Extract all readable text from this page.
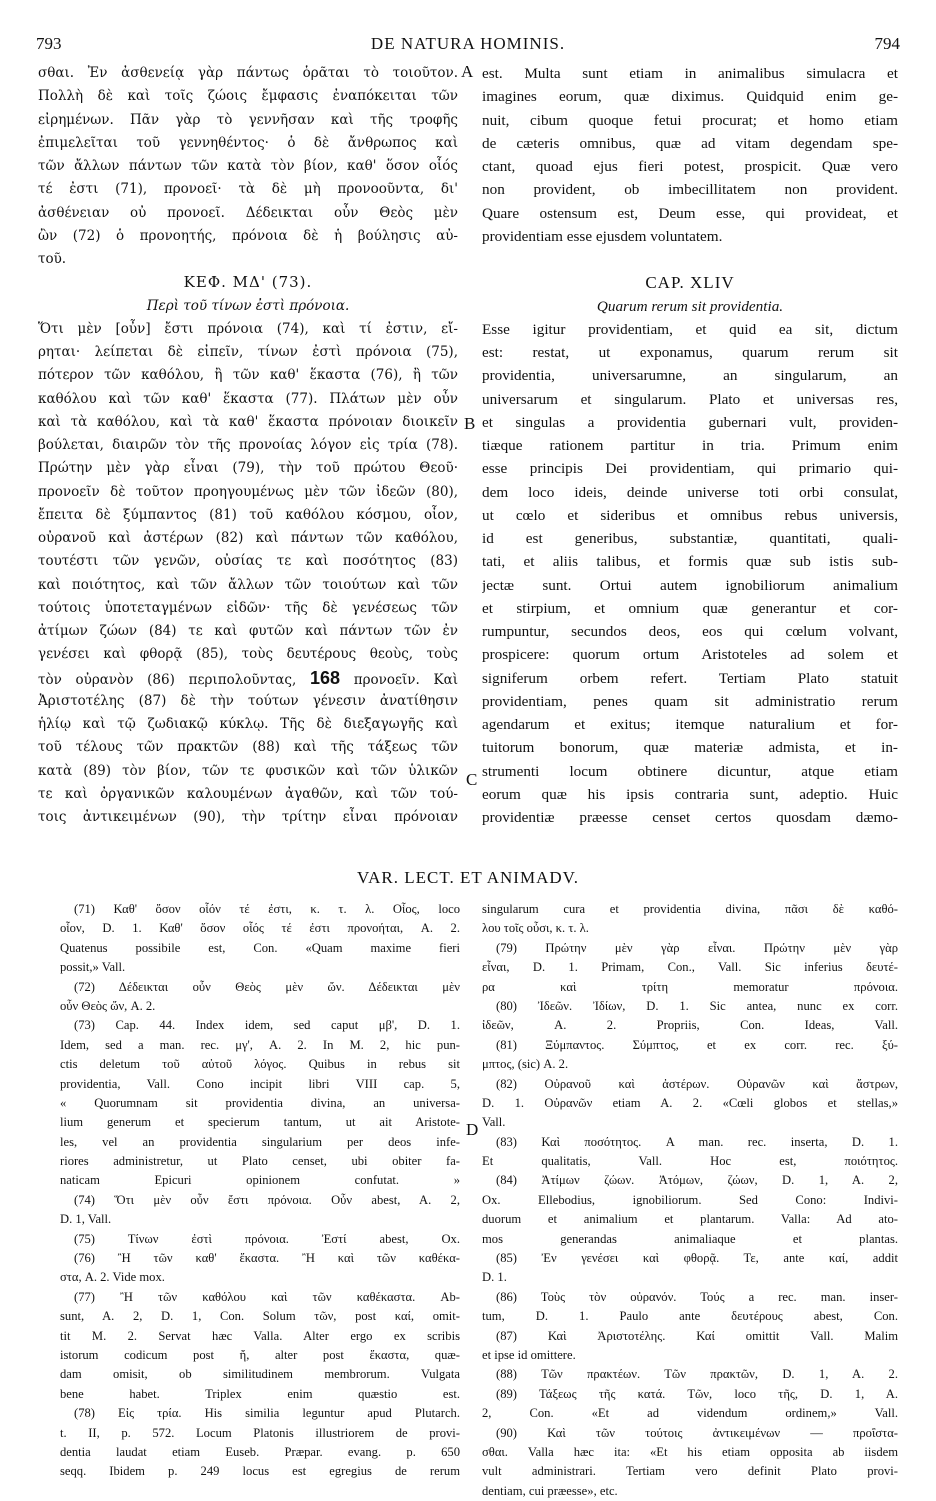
793	DE NATURA HOMINIS.	794
σθαι. Ἐν ἀσθενείᾳ γὰρ πάντως ὁρᾶται τὸ τοιοῦτον.
Πολλὴ δὲ καὶ τοῖς ζώοις ἔμφασις ἐναπόκειται τῶν
εἰρημένων. Πᾶν γὰρ τὸ γεννῆσαν καὶ τῆς τροφῆς
ἐπιμελεῖται τοῦ γεννηθέντος· ὁ δὲ ἄνθρωπος καὶ
τῶν ἄλλων πάντων τῶν κατὰ τὸν βίον, καθ' ὅσον οἷός
τέ ἐστι (71), προνοεῖ· τὰ δὲ μὴ προνοοῦντα, δι'
ἀσθένειαν οὐ προνοεῖ. Δέδεικται οὖν Θεὸς μὲν
ὢν (72) ὁ προνοητής, πρόνοια δὲ ἡ βούλησις αὐ-
τοῦ.
ΚΕΦ. ΜΔ' (73).
Περὶ τοῦ τίνων ἐστὶ πρόνοια.
Ὅτι μὲν [οὖν] ἔστι πρόνοια (74), καὶ τί ἐστιν, εἴ-
ρηται· λείπεται δὲ εἰπεῖν, τίνων ἐστὶ πρόνοια (75),
πότερον τῶν καθόλου, ἢ τῶν καθ' ἕκαστα (76), ἢ τῶν
καθόλου καὶ τῶν καθ' ἕκαστα (77). Πλάτων μὲν οὖν
καὶ τὰ καθόλου, καὶ τὰ καθ' ἕκαστα πρόνοιαν διοικεῖν
βούλεται, διαιρῶν τὸν τῆς προνοίας λόγον εἰς τρία (78).
Πρώτην μὲν γὰρ εἶναι (79), τὴν τοῦ πρώτου Θεοῦ·
προνοεῖν δὲ τοῦτον προηγουμένως μὲν τῶν ἰδεῶν (80),
ἔπειτα δὲ ξύμπαντος (81) τοῦ καθόλου κόσμου, οἷον,
οὐρανοῦ καὶ ἀστέρων (82) καὶ πάντων τῶν καθόλου,
τουτέστι τῶν γενῶν, οὐσίας τε καὶ ποσότητος (83)
καὶ ποιότητος, καὶ τῶν ἄλλων τῶν τοιούτων καὶ τῶν
τούτοις ὑποτεταγμένων εἰδῶν· τῆς δὲ γενέσεως τῶν
ἀτίμων ζώων (84) τε καὶ φυτῶν καὶ πάντων τῶν ἐν
γενέσει καὶ φθορᾷ (85), τοὺς δευτέρους θεοὺς, τοὺς
τὸν οὐρανὸν (86) περιπολοῦντας, 168 προνοεῖν. Καὶ
Ἀριστοτέλης (87) δὲ τὴν τούτων γένεσιν ἀνατίθησιν
ἡλίῳ καὶ τῷ ζωδιακῷ κύκλῳ. Τῆς δὲ διεξαγωγῆς καὶ
τοῦ τέλους τῶν πρακτῶν (88) καὶ τῆς τάξεως τῶν
κατὰ (89) τὸν βίον, τῶν τε φυσικῶν καὶ τῶν ὑλικῶν
τε καὶ ὀργανικῶν καλουμένων ἀγαθῶν, καὶ τῶν τού-
τοις ἀντικειμένων (90), τὴν τρίτην εἶναι πρόνοιαν
est. Multa sunt etiam in animalibus simulacra et
imagines eorum, quæ diximus. Quidquid enim ge-
nuit, cibum quoque fetui procurat; et homo etiam
de cæteris omnibus, quæ ad vitam degendam spe-
ctant, quoad ejus fieri potest, prospicit. Quæ vero
non provident, ob imbecillitatem non provident.
Quare ostensum est, Deum esse, qui provideat, et
providentiam esse ejusdem voluntatem.
CAP. XLIV
Quarum rerum sit providentia.
Esse igitur providentiam, et quid ea sit, dictum
est: restat, ut exponamus, quarum rerum sit
providentia, universarumne, an singularum, an
universarum et singularum. Plato et universas res,
et singulas a providentia gubernari vult, providen-
tiæque rationem partitur in tria. Primum enim
esse principis Dei providentiam, qui primario qui-
dem loco ideis, deinde universe toti orbi consulat,
ut cœlo et sideribus et omnibus rebus universis,
id est generibus, substantiæ, quantitati, quali-
tati, et aliis talibus, et formis quæ sub istis sub-
jectæ sunt. Ortui autem ignobiliorum animalium
et stirpium, et omnium quæ generantur et cor-
rumpuntur, secundos deos, eos qui cœlum volvant,
prospicere: quorum ortum Aristoteles ad solem et
signiferum orbem refert. Tertiam Plato statuit
providentiam, penes quam sit administratio rerum
agendarum et exitus; itemque naturalium et for-
tuitorum bonorum, quæ materiæ admista, et in-
strumenti locum obtinere dicuntur, atque etiam
eorum quæ his ipsis contraria sunt, adeptio. Huic
providentiæ præesse censet certos quosdam dæmo-
A
B
C
D
VAR. LECT. ET ANIMADV.
(71) Καθ' ὅσον οἷόν τέ ἐστι, κ. τ. λ. Οἷος, loco
οἷον, D. 1. Καθ' ὅσον οἷός τέ ἐστι προνοήται, A. 2.
Quatenus possibile est, Con. «Quam maxime fieri
possit,» Vall.
(72) Δέδεικται οὖν Θεὸς μὲν ὤν. Δέδεικται μὲν
οὖν Θεὸς ὤν, A. 2.
(73) Cap. 44. Index idem, sed caput μβ', D. 1.
Idem, sed a man. rec. μγ', A. 2. In M. 2, hic pun-
ctis deletum τοῦ αὐτοῦ λόγος. Quibus in rebus sit
providentia, Vall. Cono incipit libri VIII cap. 5,
« Quorumnam sit providentia divina, an universa-
lium generum et specierum tantum, ut ait Aristote-
les, vel an providentia singularium per deos infe-
riores administretur, ut Plato censet, ubi obiter fa-
naticam Epicuri opinionem confutat. »
(74) Ὅτι μὲν οὖν ἔστι πρόνοια. Οὖν abest, A. 2,
D. 1, Vall.
(75) Τίνων ἐστὶ πρόνοια. Ἐστί abest, Ox.
(76) Ἢ τῶν καθ' ἕκαστα. Ἢ καὶ τῶν καθέκα-
στα, A. 2. Vide mox.
(77) Ἢ τῶν καθόλου καὶ τῶν καθέκαστα. Ab-
sunt, A. 2, D. 1, Con. Solum τῶν, post καί, omit-
tit M. 2. Servat hæc Valla. Alter ergo ex scribis
istorum codicum post ἤ, alter post ἕκαστα, quæ-
dam omisit, ob similitudinem membrorum. Vulgata
bene habet. Triplex enim quæstio est.
(78) Εἰς τρία. His similia leguntur apud Plutarch.
t. II, p. 572. Locum Platonis illustriorem de provi-
dentia laudat etiam Euseb. Præpar. evang. p. 650
seqq. Ibidem p. 249 locus est egregius de rerum
singularum cura et providentia divina, πᾶσι δὲ καθό-
λου τοῖς οὖσι, κ. τ. λ.
(79) Πρώτην μὲν γὰρ εἶναι. Πρώτην μὲν γὰρ
εἶναι, D. 1. Primam, Con., Vall. Sic inferius δευτέ-
ρα καὶ τρίτη memoratur πρόνοια.
(80) Ἰδεῶν. Ἰδίων, D. 1. Sic antea, nunc ex corr.
ἰδεῶν, A. 2. Propriis, Con. Ideas, Vall.
(81) Ξύμπαντος. Σύμπτος, et ex corr. rec. ξύ-
μπτος, (sic) A. 2.
(82) Οὐρανοῦ καὶ ἀστέρων. Οὐρανῶν καὶ ἄστρων,
D. 1. Οὐρανῶν etiam A. 2. «Cœli globos et stellas,»
Vall.
(83) Καὶ ποσότητος. A man. rec. inserta, D. 1.
Et qualitatis, Vall. Hoc est, ποιότητος.
(84) Ἀτίμων ζώων. Ἀτόμων, ζώων, D. 1, A. 2,
Ox. Ellebodius, ignobiliorum. Sed Cono: Indivi-
duorum et animalium et plantarum. Valla: Ad ato-
mos generandas animaliaque et plantas.
(85) Ἐν γενέσει καὶ φθορᾷ. Τε, ante καί, addit
D. 1.
(86) Τοὺς τὸν οὐρανόν. Τούς a rec. man. inser-
tum, D. 1. Paulo ante δευτέρους abest, Con.
(87) Καὶ Ἀριστοτέλης. Καί omittit Vall. Malim
et ipse id omittere.
(88) Τῶν πρακτέων. Τῶν πρακτῶν, D. 1, A. 2.
(89) Τάξεως τῆς κατά. Τῶν, loco τῆς, D. 1, A.
2, Con. «Et ad videndum ordinem,» Vall.
(90) Καὶ τῶν τούτοις ἀντικειμένων — προΐστα-
σθαι. Valla hæc ita: «Et his etiam opposita ab iisdem
vult administrari. Tertiam vero definit Plato provi-
dentiam, cui præesse», etc.
